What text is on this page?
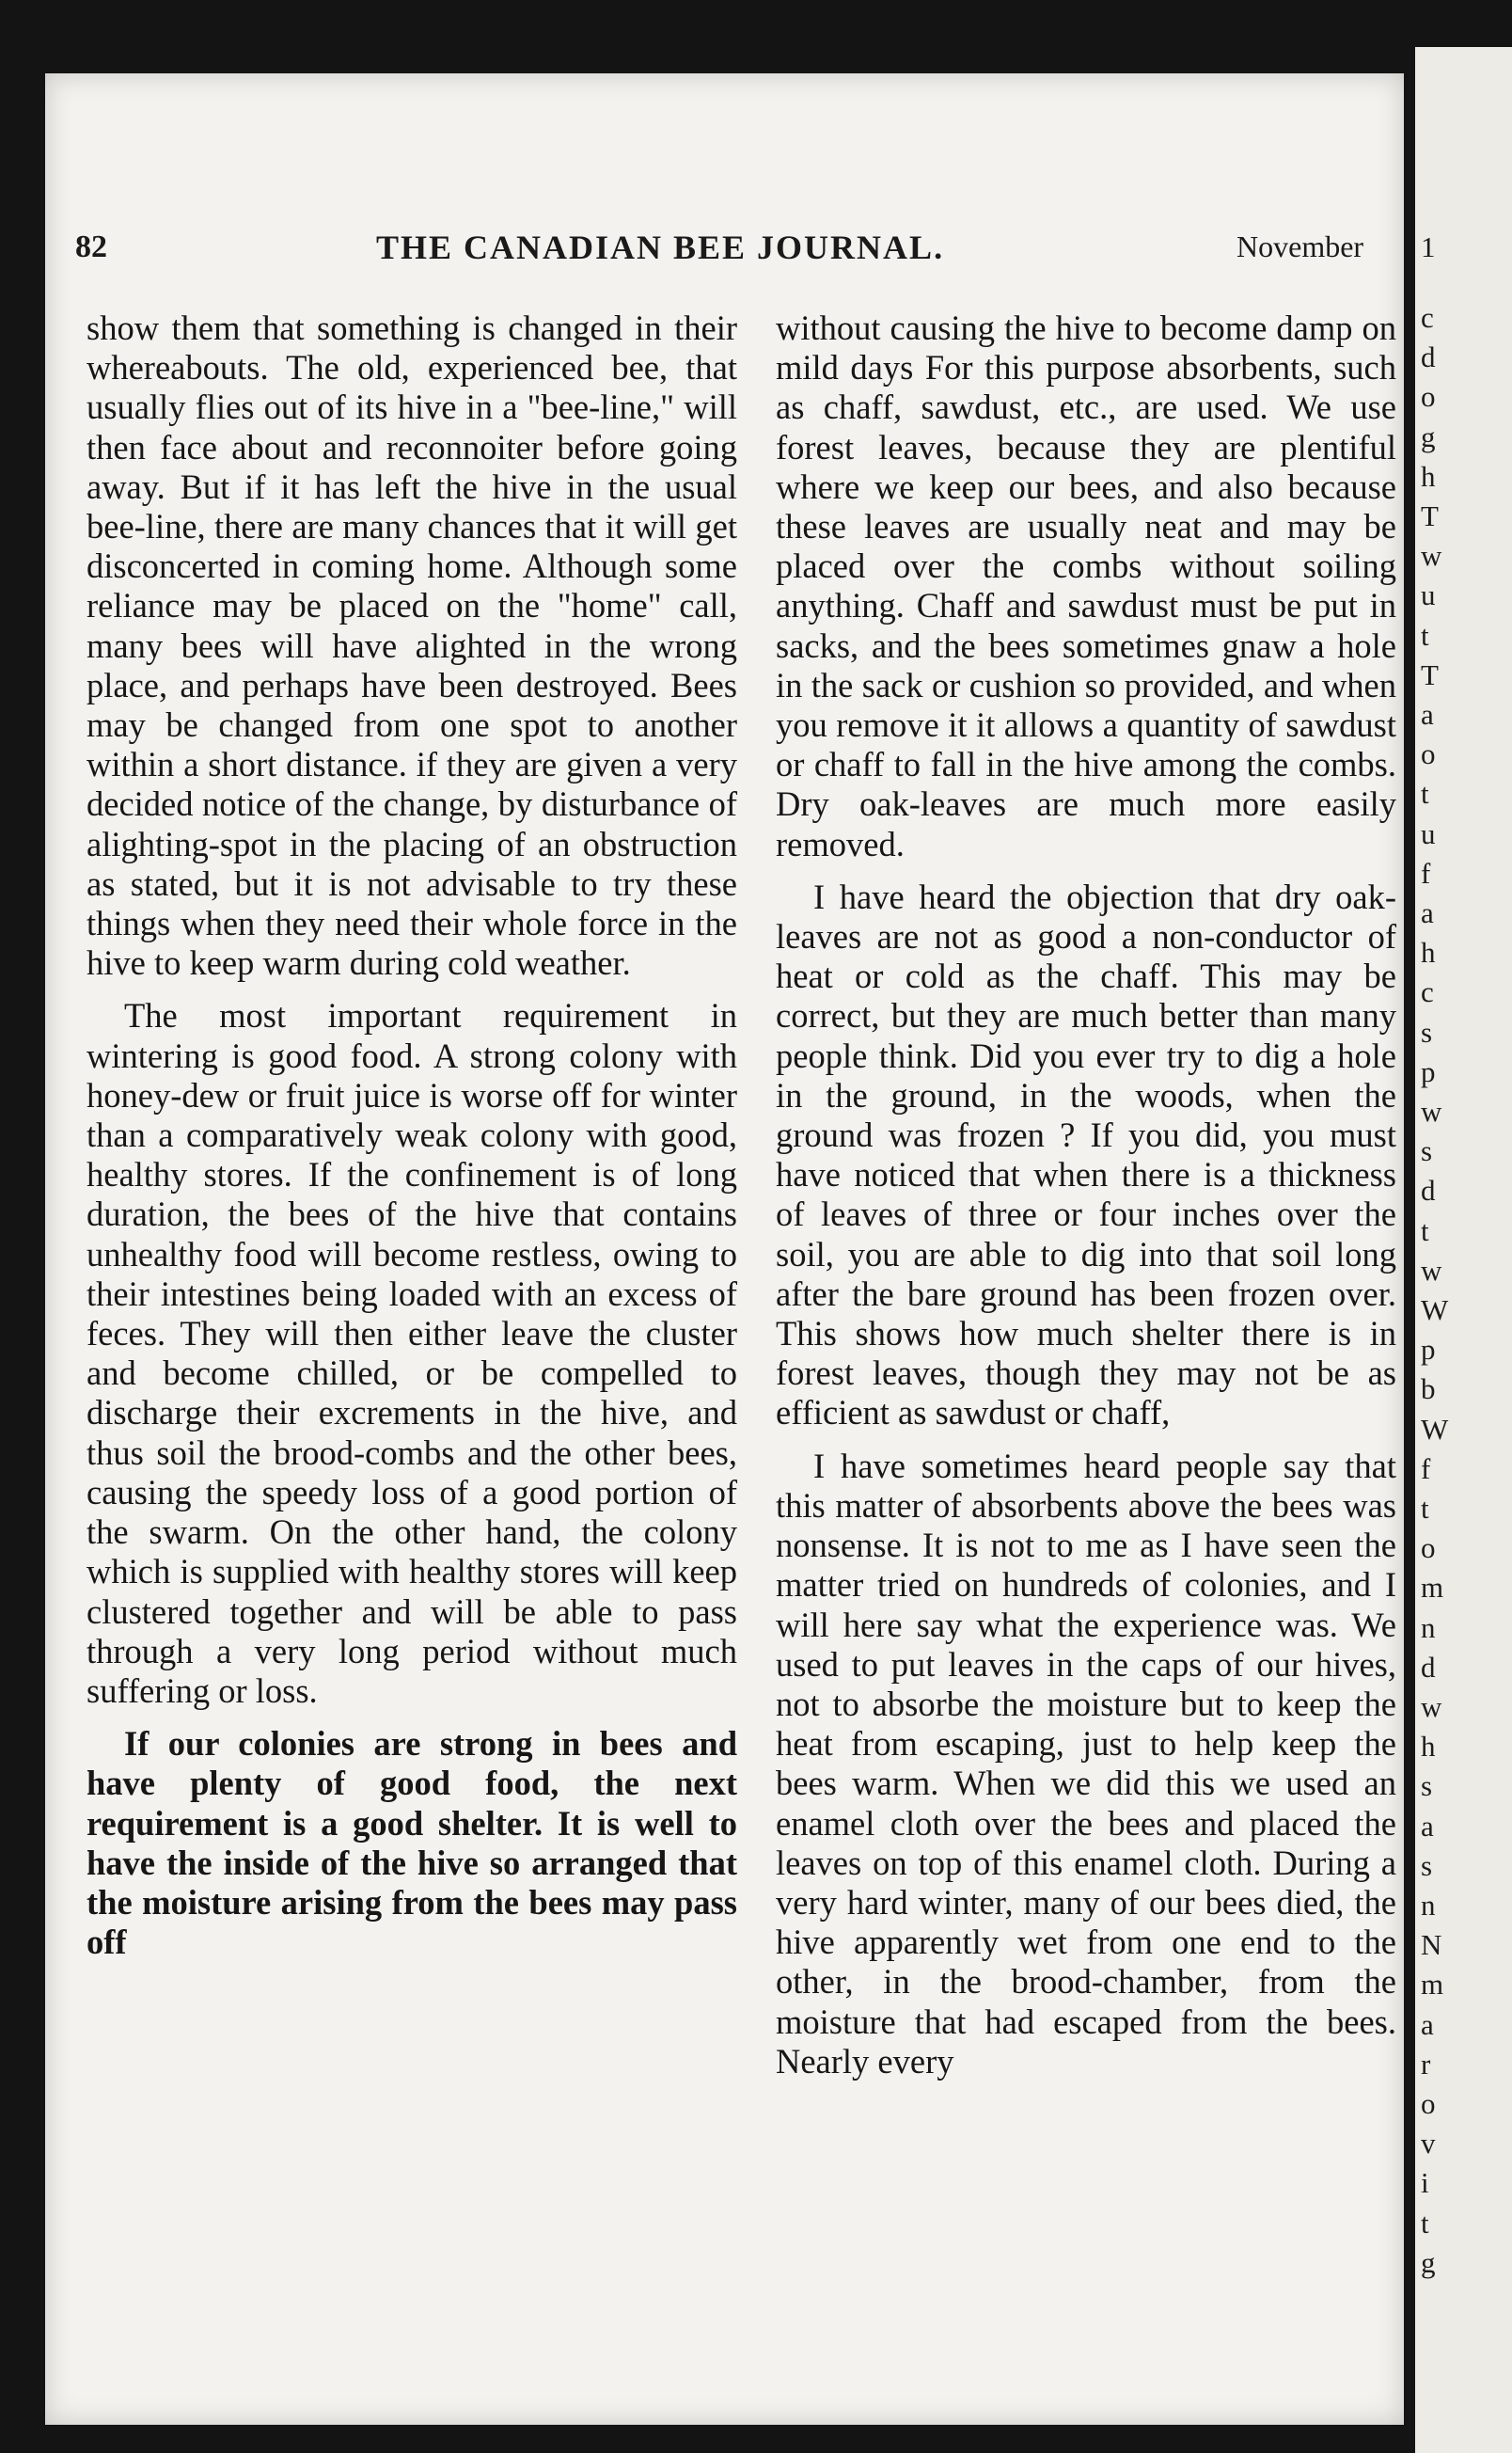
1
c
d
o
g
h
T
w
u
t
T
a
o
t
u
f
a
h
c
s
p
w
s
d
t
w
W
p
b
W
f
t
o
m
n
d
w
h
s
a
s
n
N
m
a
r
o
v
i
t
g
82	THE CANADIAN BEE JOURNAL.	November

show them that something is changed in their whereabouts. The old, experienced bee, that usually flies out of its hive in a "bee-line," will then face about and reconnoiter before going away. But if it has left the hive in the usual bee-line, there are many chances that it will get disconcerted in coming home. Although some reliance may be placed on the "home" call, many bees will have alighted in the wrong place, and perhaps have been destroyed. Bees may be changed from one spot to another within a short distance. if they are given a very decided notice of the change, by disturbance of alighting-spot in the placing of an obstruction as stated, but it is not advisable to try these things when they need their whole force in the hive to keep warm during cold weather.

The most important requirement in wintering is good food. A strong colony with honey-dew or fruit juice is worse off for winter than a comparatively weak colony with good, healthy stores. If the confinement is of long duration, the bees of the hive that contains unhealthy food will become restless, owing to their intestines being loaded with an excess of feces. They will then either leave the cluster and become chilled, or be compelled to discharge their excrements in the hive, and thus soil the brood-combs and the other bees, causing the speedy loss of a good portion of the swarm. On the other hand, the colony which is supplied with healthy stores will keep clustered together and will be able to pass through a very long period without much suffering or loss.

If our colonies are strong in bees and have plenty of good food, the next requirement is a good shelter. It is well to have the inside of the hive so arranged that the moisture arising from the bees may pass off

without causing the hive to become damp on mild days For this purpose absorbents, such as chaff, sawdust, etc., are used. We use forest leaves, because they are plentiful where we keep our bees, and also because these leaves are usually neat and may be placed over the combs without soiling anything. Chaff and sawdust must be put in sacks, and the bees sometimes gnaw a hole in the sack or cushion so provided, and when you remove it it allows a quantity of sawdust or chaff to fall in the hive among the combs. Dry oak-leaves are much more easily removed.

I have heard the objection that dry oak-leaves are not as good a non-conductor of heat or cold as the chaff. This may be correct, but they are much better than many people think. Did you ever try to dig a hole in the ground, in the woods, when the ground was frozen ? If you did, you must have noticed that when there is a thickness of leaves of three or four inches over the soil, you are able to dig into that soil long after the bare ground has been frozen over. This shows how much shelter there is in forest leaves, though they may not be as efficient as sawdust or chaff,

I have sometimes heard people say that this matter of absorbents above the bees was nonsense. It is not to me as I have seen the matter tried on hundreds of colonies, and I will here say what the experience was. We used to put leaves in the caps of our hives, not to absorbe the moisture but to keep the heat from escaping, just to help keep the bees warm. When we did this we used an enamel cloth over the bees and placed the leaves on top of this enamel cloth. During a very hard winter, many of our bees died, the hive apparently wet from one end to the other, in the brood-chamber, from the moisture that had escaped from the bees. Nearly every
